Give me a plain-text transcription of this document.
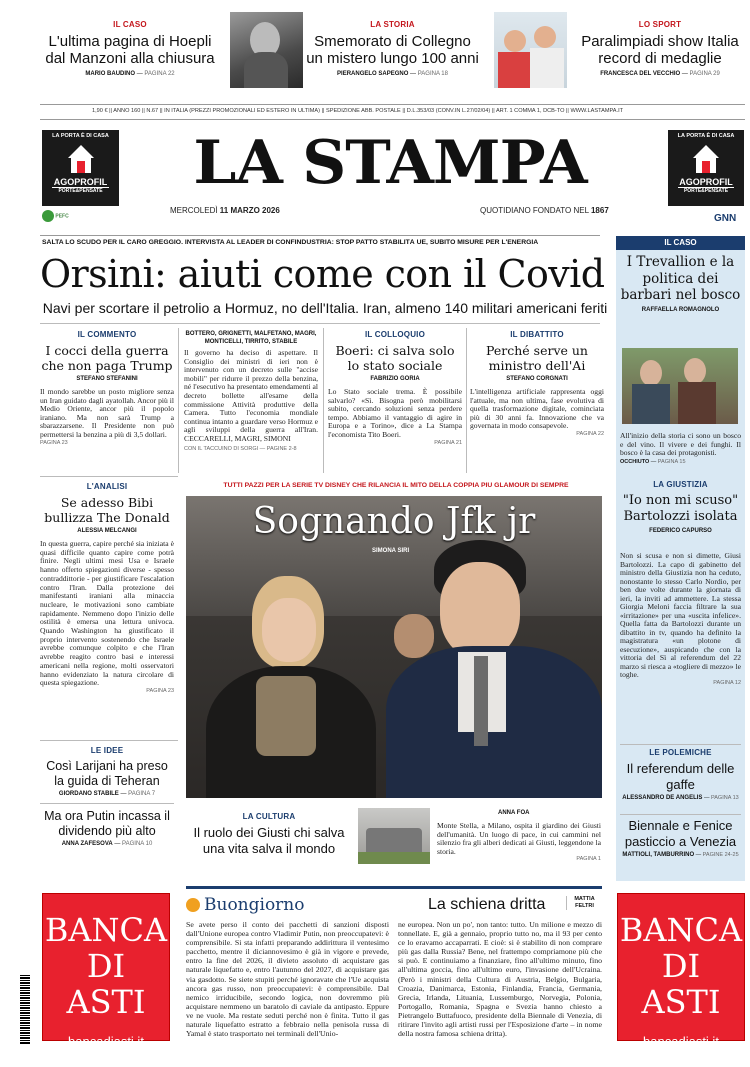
IL CASO
L'ultima pagina di Hoepli dal Manzoni alla chiusura
MARIO BAUDINO — PAGINA 22
LA STORIA
Smemorato di Collegno un mistero lungo 100 anni
PIERANGELO SAPEGNO — PAGINA 18
LO SPORT
Paralimpiadi show Italia record di medaglie
FRANCESCA DEL VECCHIO — PAGINA 29
1,90 € || ANNO 160 || N.67 || IN ITALIA (PREZZI PROMOZIONALI ED ESTERO IN ULTIMA) || SPEDIZIONE ABB. POSTALE || D.L.353/03 (CONV.IN L.27/02/04) || ART. 1 COMMA 1, DCB-TO || WWW.LASTAMPA.IT
LA PORTA È DI CASA
AGOPROFIL
PORTE&PENSATE
PEFC
LA PORTA È DI CASA
AGOPROFIL
PORTE&PENSATE
GNN
LA STAMPA
MERCOLEDÌ 11 MARZO 2026	QUOTIDIANO FONDATO NEL 1867
SALTA LO SCUDO PER IL CARO GREGGIO. INTERVISTA AL LEADER DI CONFINDUSTRIA: STOP PATTO STABILITÀ UE, SUBITO MISURE PER L'ENERGIA
Orsini: aiuti come con il Covid
Navi per scortare il petrolio a Hormuz, no dell'Italia. Iran, almeno 140 militari americani feriti
IL COMMENTO
I cocci della guerra che non paga Trump
STEFANO STEFANINI
Il mondo sarebbe un posto migliore senza un Iran guidato dagli ayatollah. Ancor più il Medio Oriente, ancor più il popolo iraniano. Ma non sarà Trump a sbarazzarsene. Il Presidente non può permettersi la benzina a più di 3,5 dollari.
PAGINA 23
BOTTERO, GRIGNETTI, MALFETANO, MAGRI, MONTICELLI, TIRRITO, STABILE
Il governo ha deciso di aspettare. Il Consiglio dei ministri di ieri non è intervenuto con un decreto sulle "accise mobili" per ridurre il prezzo della benzina, né l'esecutivo ha presentato emendamenti al decreto bollette all'esame della commissione Attività produttive della Camera. Tutto l'economia mondiale continua intanto a guardare verso Hormuz e agli sviluppi della guerra all'Iran. CECCARELLI, MAGRI, SIMONI
CON IL TACCUINO DI SORGI — PAGINE 2-8
IL COLLOQUIO
Boeri: ci salva solo lo stato sociale
FABRIZIO GORIA
Lo Stato sociale trema. È possibile salvarlo? «Sì. Bisogna però mobilitarsi subito, cercando soluzioni senza perdere tempo. Abbiamo il vantaggio di agire in Europa e a Torino», dice a La Stampa l'economista Tito Boeri.
PAGINA 21
IL DIBATTITO
Perché serve un ministro dell'Ai
STEFANO CORGNATI
L'intelligenza artificiale rappresenta oggi l'attuale, ma non ultima, fase evolutiva di quella trasformazione digitale, cominciata più di 30 anni fa. Innovazione che va governata in modo consapevole.
PAGINA 22
L'ANALISI
Se adesso Bibi bullizza The Donald
ALESSIA MELCANGI
In questa guerra, capire perché sia iniziata è quasi difficile quanto capire come potrà finire. Negli ultimi mesi Usa e Israele hanno offerto spiegazioni diverse - spesso contraddittorie - per giustificare l'escalation contro l'Iran. Dalla protezione dei manifestanti iraniani alla minaccia nucleare, le motivazioni sono cambiate rapidamente. Nemmeno dopo l'inizio delle ostilità è emersa una lettura univoca. Quando Washington ha giustificato il proprio intervento sostenendo che Israele avrebbe comunque colpito e che l'Iran avrebbe reagito contro basi e interessi americani nella regione, molti osservatori hanno evidenziato la natura circolare di questa spiegazione.
PAGINA 23
LE IDEE
Così Larijani ha preso la guida di Teheran
GIORDANO STABILE — PAGINA 7
Ma ora Putin incassa il dividendo più alto
ANNA ZAFESOVA — PAGINA 10
TUTTI PAZZI PER LA SERIE TV DISNEY CHE RILANCIA IL MITO DELLA COPPIA PIÙ GLAMOUR DI SEMPRE
Sognando Jfk jr
SIMONA SIRI
LA CULTURA
Il ruolo dei Giusti chi salva una vita salva il mondo
ANNA FOA
Monte Stella, a Milano, ospita il giardino dei Giusti dell'umanità. Un luogo di pace, in cui cammini nel silenzio fra gli alberi dedicati ai Giusti, leggendone la storia.
PAGINA 1
IL CASO
I Trevallion e la politica dei barbari nel bosco
RAFFAELLA ROMAGNOLO
All'inizio della storia ci sono un bosco e del vino. Il vivere e dei funghi. Il bosco è la casa dei protagonisti.
OCCHIUTO — PAGINA 15
LA GIUSTIZIA
"Io non mi scuso" Bartolozzi isolata
FEDERICO CAPURSO
Non si scusa e non si dimette, Giusi Bartolozzi. La capo di gabinetto del ministro della Giustizia non ha ceduto, nonostante lo stesso Carlo Nordio, per ben due volte durante la giornata di ieri, la inviti ad ammettere. La stessa Giorgia Meloni faccia filtrare la sua «irritazione» per una «uscita infelice». Quella fatta da Bartolozzi durante un dibattito in tv, quando ha definito la magistratura «un plotone di esecuzione», auspicando che con la vittoria del Sì al referendum del 22 marzo si riesca a «togliere di mezzo» le toghe.
PAGINA 12
LE POLEMICHE
Il referendum delle gaffe
ALESSANDRO DE ANGELIS — PAGINA 13
Biennale e Fenice pasticcio a Venezia
MATTIOLI, TAMBURRINO — PAGINE 24-25
BANCA
DI ASTI
bancadiasti.it
BANCA
DI ASTI
bancadiasti.it
Buongiorno	La schiena dritta	MATTIA FELTRI
Se avete perso il conto dei pacchetti di sanzioni disposti dall'Unione europea contro Vladimir Putin, non preoccupatevi: è comprensibile. Si sta infatti preparando addirittura il ventesimo pacchetto, mentre il diciannovesimo è già in vigore e prevede, entro la fine del 2026, il divieto assoluto di acquistare gas naturale liquefatto e, entro l'autunno del 2027, di acquistare gas via gasdotto. Se siete stupiti perché ignoravate che l'Ue acquista ancora gas russo, non preoccupatevi: è comprensibile. Dal nemico irriducibile, secondo logica, non dovremmo più acquistare nemmeno un baratolo di caviale da antipasto. Eppure ve ne vuole. Ma restate seduti perché non è finita. Tutto il gas naturale liquefatto estratto a febbraio nella penisola russa di Yamal è stato trasportato nei terminali dell'Unio-
ne europea. Non un po', non tanto: tutto. Un milione e mezzo di tonnellate. E, già a gennaio, proprio tutto no, ma il 93 per cento ce lo eravamo accaparrati. E cioè: si è stabilito di non comprare più gas dalla Russia? Bene, nel frattempo compriamone più che si può. E continuiamo a finanziare, fino all'ultimo minuto, fino all'ultima goccia, fino all'ultimo euro, l'invasione dell'Ucraina. (Però i ministri della Cultura di Austria, Belgio, Bulgaria, Croazia, Danimarca, Estonia, Finlandia, Francia, Germania, Grecia, Irlanda, Lituania, Lussemburgo, Norvegia, Polonia, Portogallo, Romania, Spagna e Svezia hanno chiesto a Pietrangelo Buttafuoco, presidente della Biennale di Venezia, di ritirare l'invito agli artisti russi per l'Esposizione d'arte – in nome della nostra famosa schiena dritta).
